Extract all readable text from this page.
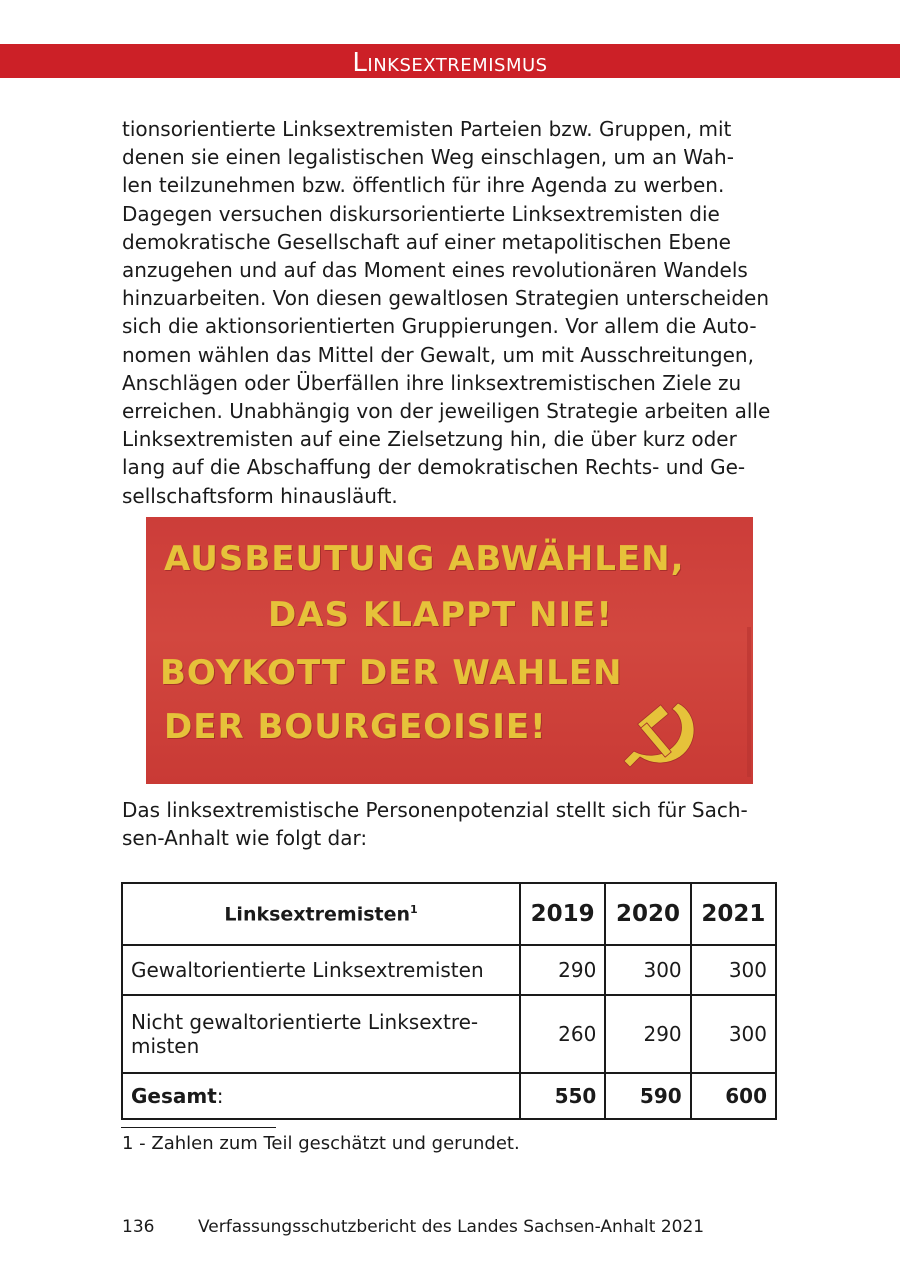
Linksextremismus

tionsorientierte Linksextremisten Parteien bzw. Gruppen, mit
denen sie einen legalistischen Weg einschlagen, um an Wah-
len teilzunehmen bzw. öffentlich für ihre Agenda zu werben.
Dagegen versuchen diskursorientierte Linksextremisten die
demokratische Gesellschaft auf einer metapolitischen Ebene
anzugehen und auf das Moment eines revolutionären Wandels
hinzuarbeiten. Von diesen gewaltlosen Strategien unterscheiden
sich die aktionsorientierten Gruppierungen. Vor allem die Auto-
nomen wählen das Mittel der Gewalt, um mit Ausschreitungen,
Anschlägen oder Überfällen ihre linksextremistischen Ziele zu
erreichen. Unabhängig von der jeweiligen Strategie arbeiten alle
Linksextremisten auf eine Zielsetzung hin, die über kurz oder
lang auf die Abschaffung der demokratischen Rechts- und Ge-
sellschaftsform hinausläuft.

AUSBEUTUNG ABWÄHLEN,
DAS KLAPPT NIE!
BOYKOTT DER WAHLEN
DER BOURGEOISIE!

Das linksextremistische Personenpotenzial stellt sich für Sach-
sen-Anhalt wie folgt dar:

Linksextremisten$^1$	2019	2020	2021
Gewaltorientierte Linksextremisten	290	300	300

Nicht gewaltorientierte Linksextre-
misten	260	290	300
Gesamt:	550	590	600
1 - Zahlen zum Teil geschätzt und gerundet.
136	Verfassungsschutzbericht des Landes Sachsen-Anhalt 2021
